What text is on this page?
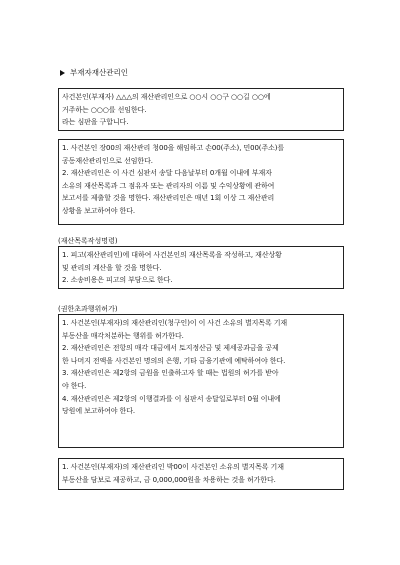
부재자재산관리인

사건본인(부재자) △△△의 재산관리인으로 ○○시 ○○구 ○○길 ○○에

거주하는 ○○○를 선임한다.

라는 심판을 구합니다.

1. 사건본인 장00의 재산관리 청00을 해임하고 손00(주소), 민00(주소)를

공동재산관리인으로 선임한다.

2. 재산관리인은 이 사건 심판서 송달 다음날부터 0개월 이내에 부재자

소유의 재산목록과 그 점유자 또는 관리자의 이름 및 수익상황에 관하여

보고서를 제출할 것을 명한다. 재산관리인은 매년 1회 이상 그 재산관리

상황을 보고하여야 한다.

(재산목록작성명령)

1. 피고(재산관리인)에 대하여 사건본인의 재산목록을 작성하고, 재산상황

및 관리의 계산을 할 것을 명한다.

2. 소송비용은 피고의 부담으로 한다.

(권한초과행위허가)

1. 사건본인(부재자)의 재산관리인(청구인)이 이 사건 소유의 별지목록 기재

부동산을 매각처분하는 행위를 허가한다.

2. 재산관리인은 전항의 매각 대금에서 토지정산금 및 제세공과금을 공제

한 나머지 전액을 사건본인 명의의 은행, 기타 금융기관에 예탁하여야 한다.

3. 재산관리인은 제2항의 금원을 인출하고자 할 때는 법원의 허가를 받아

야 한다.

4. 재산관리인은 제2항의 이행결과를 이 심판서 송달일로부터 0월 이내에

당원에 보고하여야 한다.

1. 사건본인(부재자)의 재산관리인 박00이 사건본인 소유의 별지목록 기재

부동산을 담보로 제공하고, 금 0,000,000원을 차용하는 것을 허가한다.
